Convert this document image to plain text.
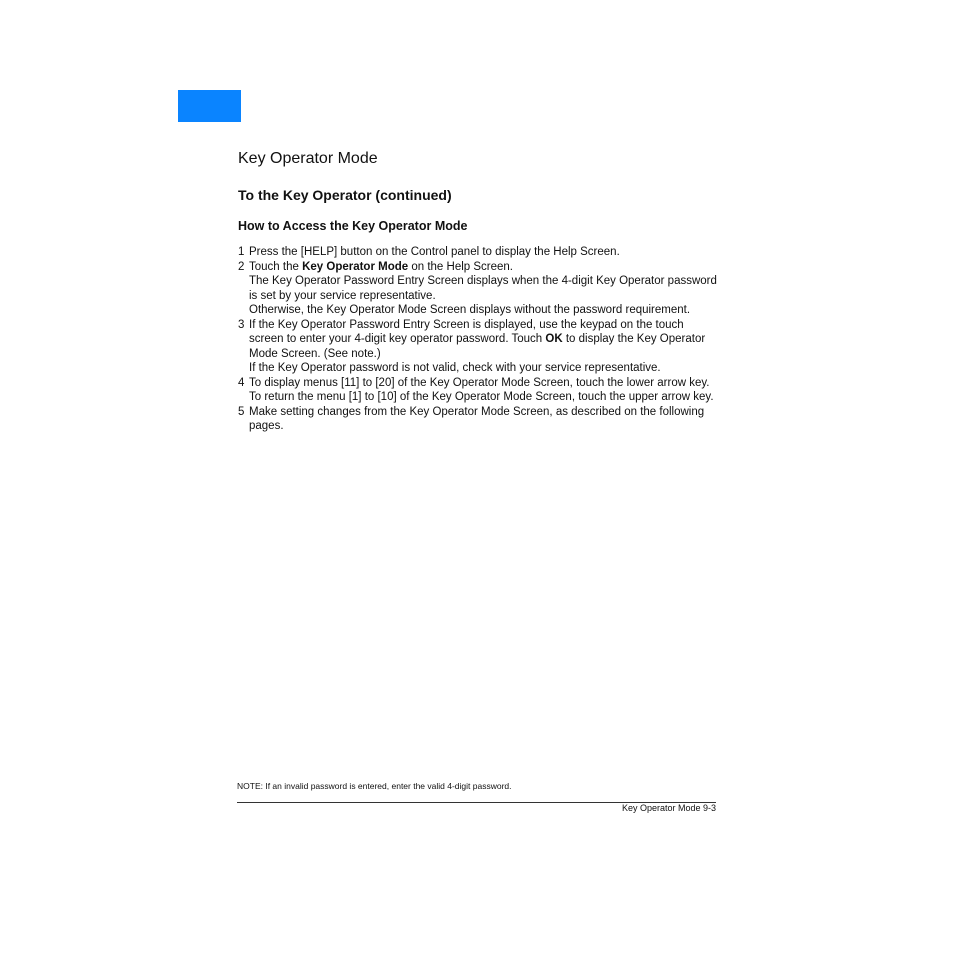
Key Operator Mode
To the Key Operator (continued)
How to Access the Key Operator Mode
1 Press the [HELP] button on the Control panel to display the Help Screen.

2 Touch the Key Operator Mode on the Help Screen.

The Key Operator Password Entry Screen displays when the 4-digit Key Operator password is set by your service representative.

Otherwise, the Key Operator Mode Screen displays without the password requirement.

3 If the Key Operator Password Entry Screen is displayed, use the keypad on the touch screen to enter your 4-digit key operator password. Touch OK to display the Key Operator Mode Screen. (See note.)

If the Key Operator password is not valid, check with your service representative.

4 To display menus [11] to [20] of the Key Operator Mode Screen, touch the lower arrow key.

To return the menu [1] to [10] of the Key Operator Mode Screen, touch the upper arrow key.

5 Make setting changes from the Key Operator Mode Screen, as described on the following pages.

NOTE: If an invalid password is entered, enter the valid 4-digit password.
Key Operator Mode 9-3
